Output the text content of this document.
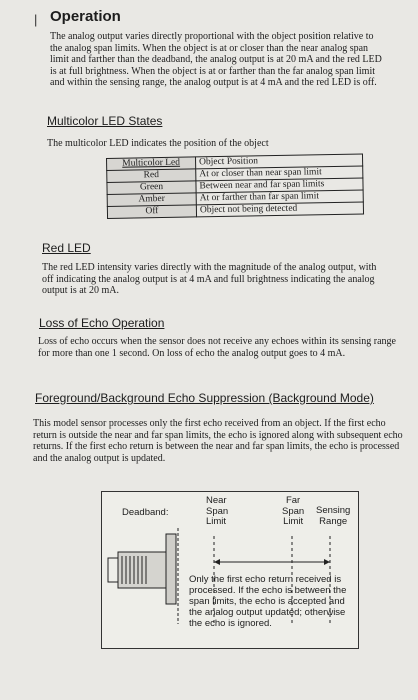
| Operation

The analog output varies directly proportional with the object position relative to the analog span limits. When the object is at or closer than the near analog span limit and farther than the deadband, the analog output is at 20 mA and the red LED is at full brightness. When the object is at or farther than the far analog span limit and within the sensing range, the analog output is at 4 mA and the red LED is off.

Multicolor LED States

The multicolor LED indicates the position of the object

Multicolor Led	Object Position
Red	At or closer than near span limit
Green	Between near and far span limits
Amber	At or farther than far span limit
Off	Object not being detected
Red LED

The red LED intensity varies directly with the magnitude of the analog output, with off indicating the analog output is at 4 mA and full brightness indicating the analog output is at 20 mA.

Loss of Echo Operation

Loss of echo occurs when the sensor does not receive any echoes within its sensing range for more than one 1 second. On loss of echo the analog output goes to 4 mA.

Foreground/Background Echo Suppression (Background Mode)

This model sensor processes only the first echo received from an object. If the first echo return is outside the near and far span limits, the echo is ignored along with subsequent echo returns. If the first echo return is between the near and far span limits, the echo is processed and the analog output is updated.

Deadband:
Near
Span
Limit
Far
Span
Limit
Sensing
Range
Only the first echo return received is processed. If the echo is between the span limits, the echo is accepted and the analog output updated; otherwise the echo is ignored.
